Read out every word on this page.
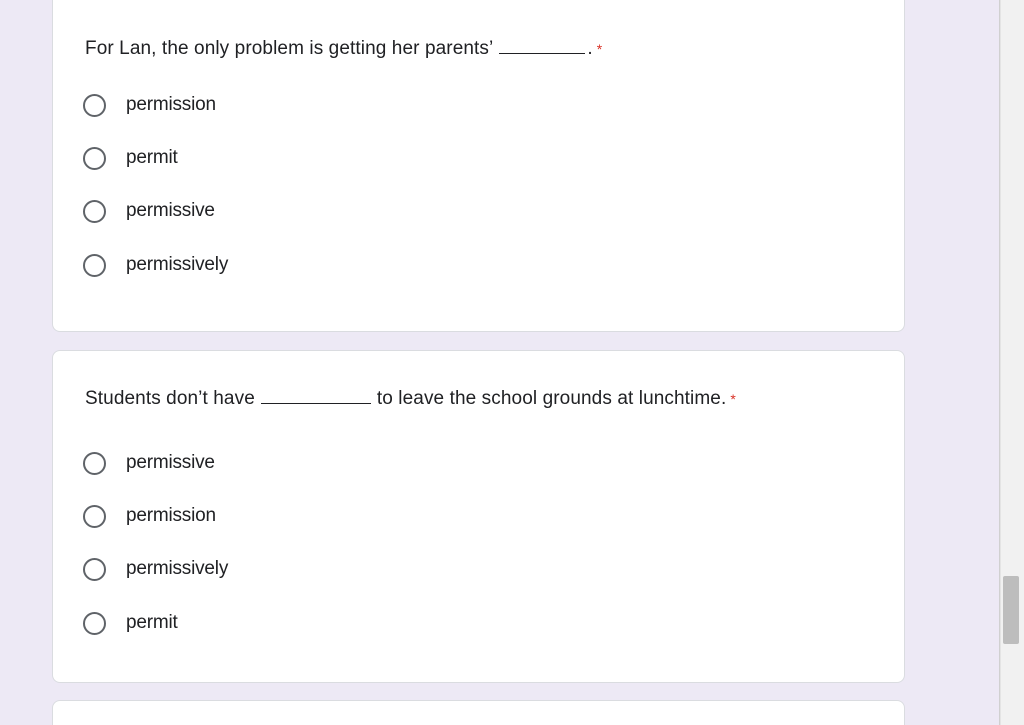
For Lan, the only problem is getting her parents’	. *
permission
permit
permissive
permissively
Students don’t have	to leave the school grounds at lunchtime. *
permissive
permission
permissively
permit
